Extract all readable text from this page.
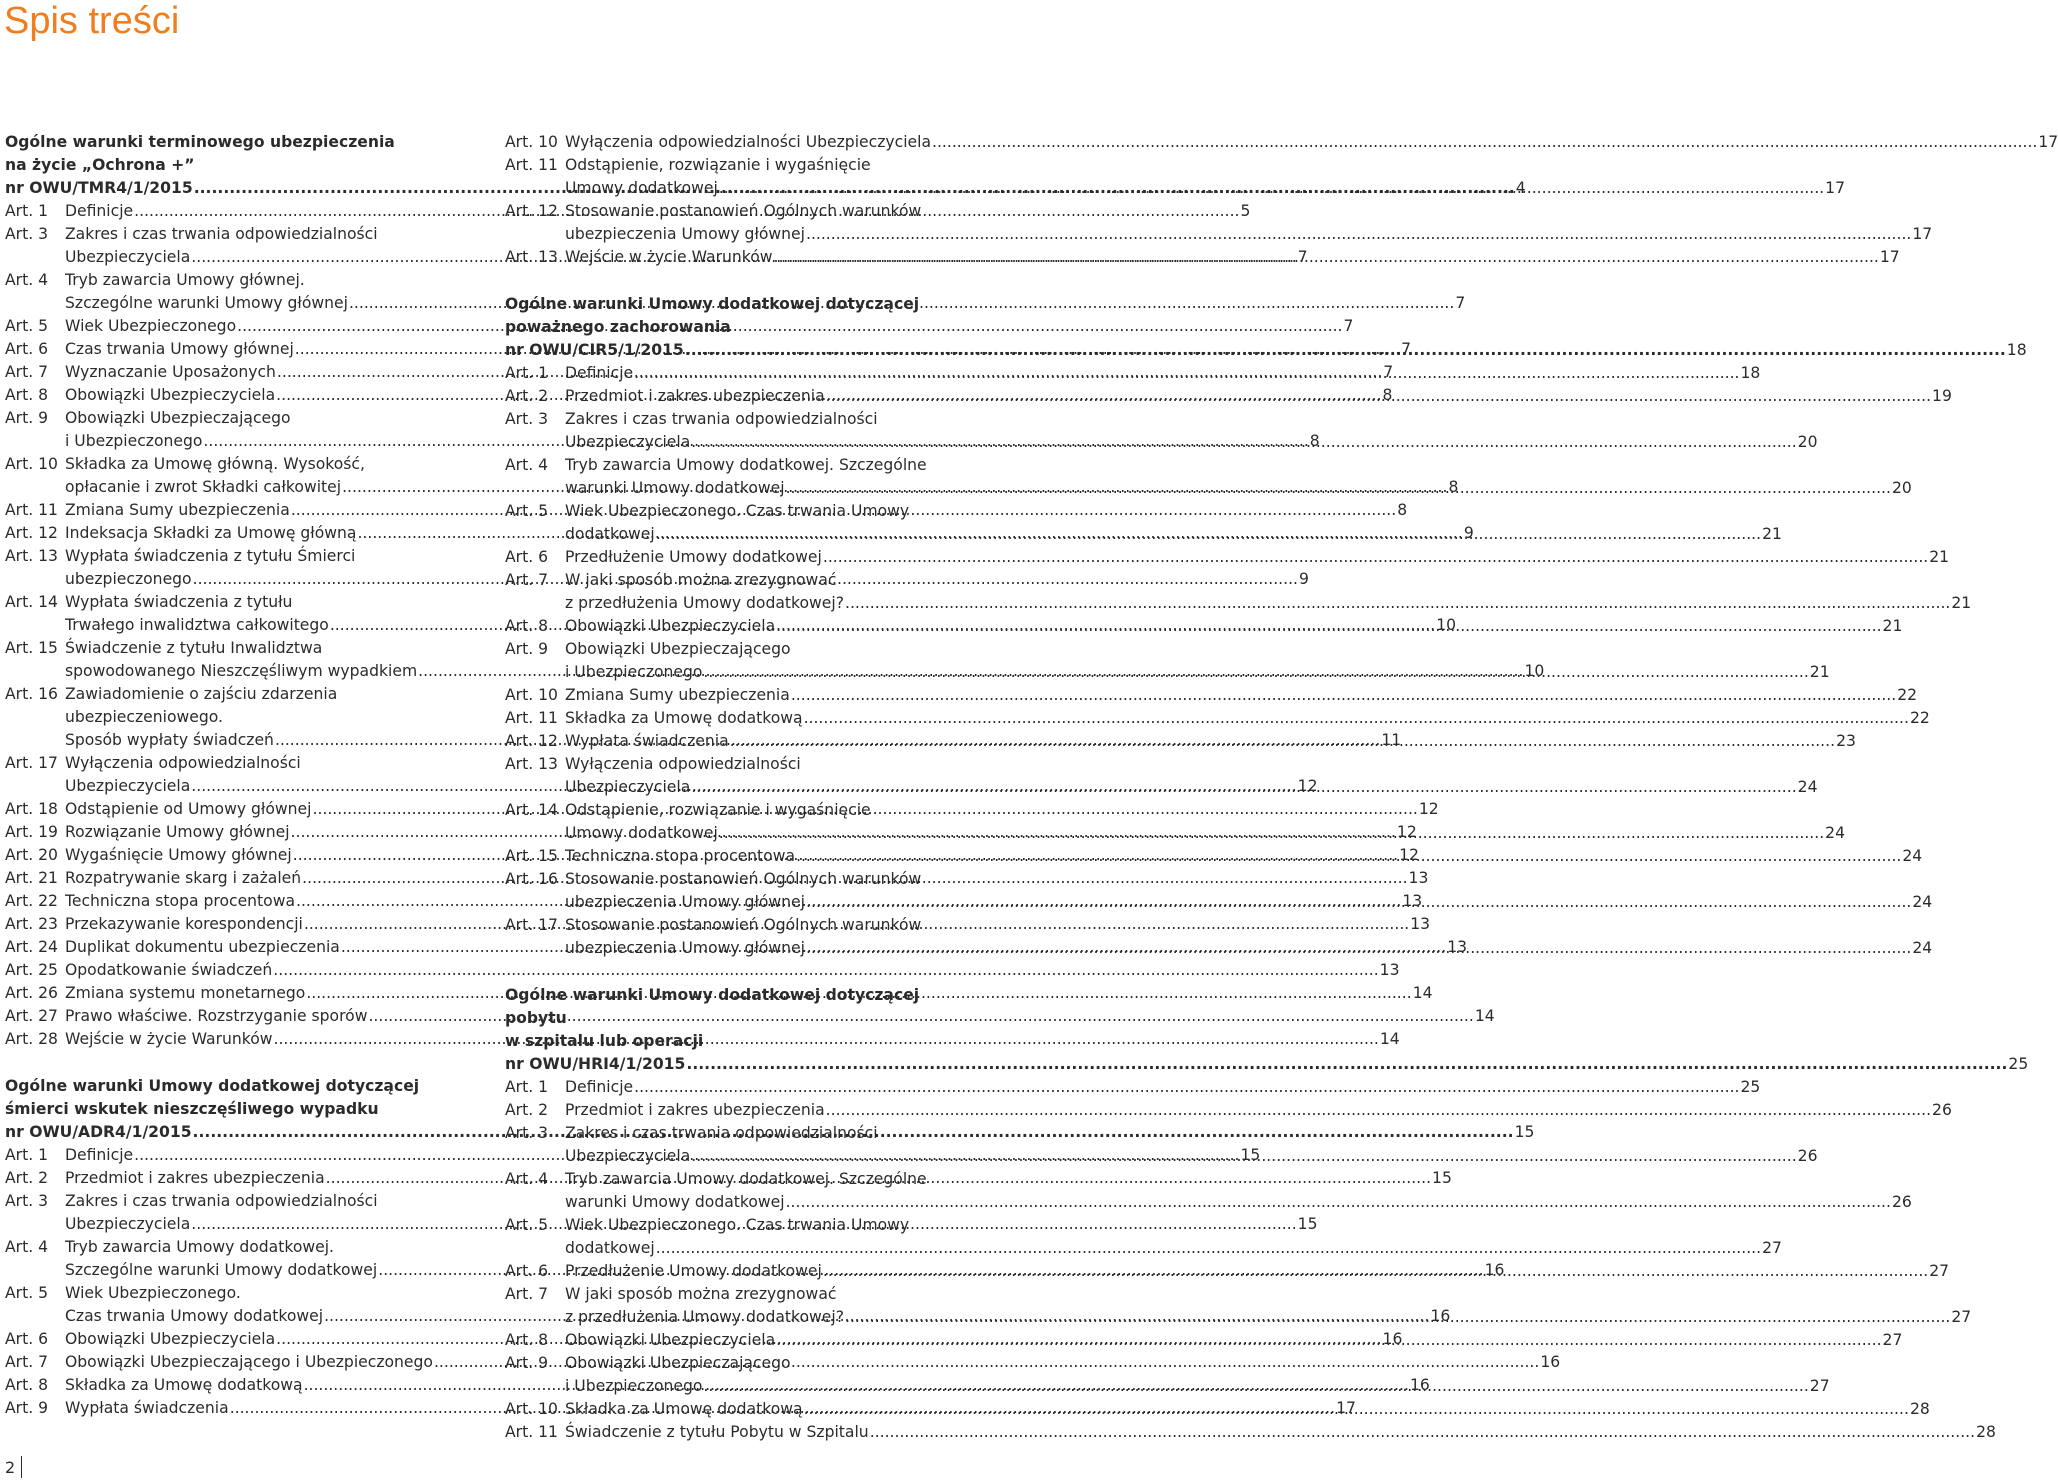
Spis treści
Ogólne warunki terminowego ubezpieczenia
na życie „Ochrona +”
nr OWU/TMR4/1/2015 .....	4
Art. 1	Definicje .....	5
Art. 3	Zakres i czas trwania odpowiedzialności
Ubezpieczyciela .....	7
Art. 4	Tryb zawarcia Umowy głównej.
Szczególne warunki Umowy głównej .....	7
Art. 5	Wiek Ubezpieczonego .....	7
Art. 6	Czas trwania Umowy głównej .....	7
Art. 7	Wyznaczanie Uposażonych .....	7
Art. 8	Obowiązki Ubezpieczyciela .....	8
Art. 9	Obowiązki Ubezpieczającego
i Ubezpieczonego .....	8
Art. 10 Składka za Umowę główną. Wysokość,
opłacanie i zwrot Składki całkowitej .....	8
Art. 11 Zmiana Sumy ubezpieczenia .....	8
Art. 12 Indeksacja Składki za Umowę główną .....	9
Art. 13 Wypłata świadczenia z tytułu Śmierci
ubezpieczonego .....	9
Art. 14 Wypłata świadczenia z tytułu
Trwałego inwalidztwa całkowitego .....	10
Art. 15 Świadczenie z tytułu Inwalidztwa
spowodowanego Nieszczęśliwym wypadkiem .....	10
Art. 16 Zawiadomienie o zajściu zdarzenia
ubezpieczeniowego.
Sposób wypłaty świadczeń .....	11
Art. 17 Wyłączenia odpowiedzialności
Ubezpieczyciela .....	12
Art. 18 Odstąpienie od Umowy głównej .....	12
Art. 19 Rozwiązanie Umowy głównej .....	12
Art. 20 Wygaśnięcie Umowy głównej .....	12
Art. 21 Rozpatrywanie skarg i zażaleń .....	13
Art. 22 Techniczna stopa procentowa .....	13
Art. 23 Przekazywanie korespondencji .....	13
Art. 24 Duplikat dokumentu ubezpieczenia .....	13
Art. 25 Opodatkowanie świadczeń .....	13
Art. 26 Zmiana systemu monetarnego .....	14
Art. 27 Prawo właściwe. Rozstrzyganie sporów .....	14
Art. 28 Wejście w życie Warunków .....	14
Ogólne warunki Umowy dodatkowej dotyczącej
śmierci wskutek nieszczęśliwego wypadku
nr OWU/ADR4/1/2015 .....	15
Art. 1	Definicje .....	15
Art. 2	Przedmiot i zakres ubezpieczenia .....	15
Art. 3	Zakres i czas trwania odpowiedzialności
Ubezpieczyciela .....	15
Art. 4	Tryb zawarcia Umowy dodatkowej.
Szczególne warunki Umowy dodatkowej .....	16
Art. 5	Wiek Ubezpieczonego.
Czas trwania Umowy dodatkowej .....	16
Art. 6	Obowiązki Ubezpieczyciela .....	16
Art. 7	Obowiązki Ubezpieczającego i Ubezpieczonego .....	16
Art. 8	Składka za Umowę dodatkową .....	16
Art. 9	Wypłata świadczenia .....	17
Art. 10 Wyłączenia odpowiedzialności Ubezpieczyciela .....	17
Art. 11 Odstąpienie, rozwiązanie i wygaśnięcie
Umowy dodatkowej .....	17
Art. 12 Stosowanie postanowień Ogólnych warunków
ubezpieczenia Umowy głównej .....	17
Art. 13 Wejście w życie Warunków .....	17
Ogólne warunki Umowy dodatkowej dotyczącej
poważnego zachorowania
nr OWU/CIR5/1/2015 .....	18
Art. 1	Definicje .....	18
Art. 2	Przedmiot i zakres ubezpieczenia .....	19
Art. 3	Zakres i czas trwania odpowiedzialności
Ubezpieczyciela .....	20
Art. 4	Tryb zawarcia Umowy dodatkowej. Szczególne
warunki Umowy dodatkowej .....	20
Art. 5	Wiek Ubezpieczonego. Czas trwania Umowy
dodatkowej .....	21
Art. 6	Przedłużenie Umowy dodatkowej .....	21
Art. 7	W jaki sposób można zrezygnować
z przedłużenia Umowy dodatkowej? .....	21
Art. 8	Obowiązki Ubezpieczyciela .....	21
Art. 9	Obowiązki Ubezpieczającego
i Ubezpieczonego .....	21
Art. 10 Zmiana Sumy ubezpieczenia .....	22
Art. 11 Składka za Umowę dodatkową .....	22
Art. 12 Wypłata świadczenia .....	23
Art. 13 Wyłączenia odpowiedzialności
Ubezpieczyciela .....	24
Art. 14 Odstąpienie, rozwiązanie i wygaśnięcie
Umowy dodatkowej .....	24
Art. 15 Techniczna stopa procentowa .....	24
Art. 16 Stosowanie postanowień Ogólnych warunków
ubezpieczenia Umowy głównej .....	24
Art. 17 Stosowanie postanowień Ogólnych warunków
ubezpieczenia Umowy głównej .....	24
Ogólne warunki Umowy dodatkowej dotyczącej pobytu
w szpitalu lub operacji
nr OWU/HRI4/1/2015 .....	25
Art. 1	Definicje .....	25
Art. 2	Przedmiot i zakres ubezpieczenia .....	26
Art. 3	Zakres i czas trwania odpowiedzialności
Ubezpieczyciela .....	26
Art. 4	Tryb zawarcia Umowy dodatkowej. Szczególne
warunki Umowy dodatkowej .....	26
Art. 5	Wiek Ubezpieczonego. Czas trwania Umowy
dodatkowej .....	27
Art. 6	Przedłużenie Umowy dodatkowej .....	27
Art. 7	W jaki sposób można zrezygnować
z przedłużenia Umowy dodatkowej? .....	27
Art. 8	Obowiązki Ubezpieczyciela .....	27
Art. 9	Obowiązki Ubezpieczającego
i Ubezpieczonego .....	27
Art. 10 Składka za Umowę dodatkową .....	28
Art. 11 Świadczenie z tytułu Pobytu w Szpitalu .....	28
2
